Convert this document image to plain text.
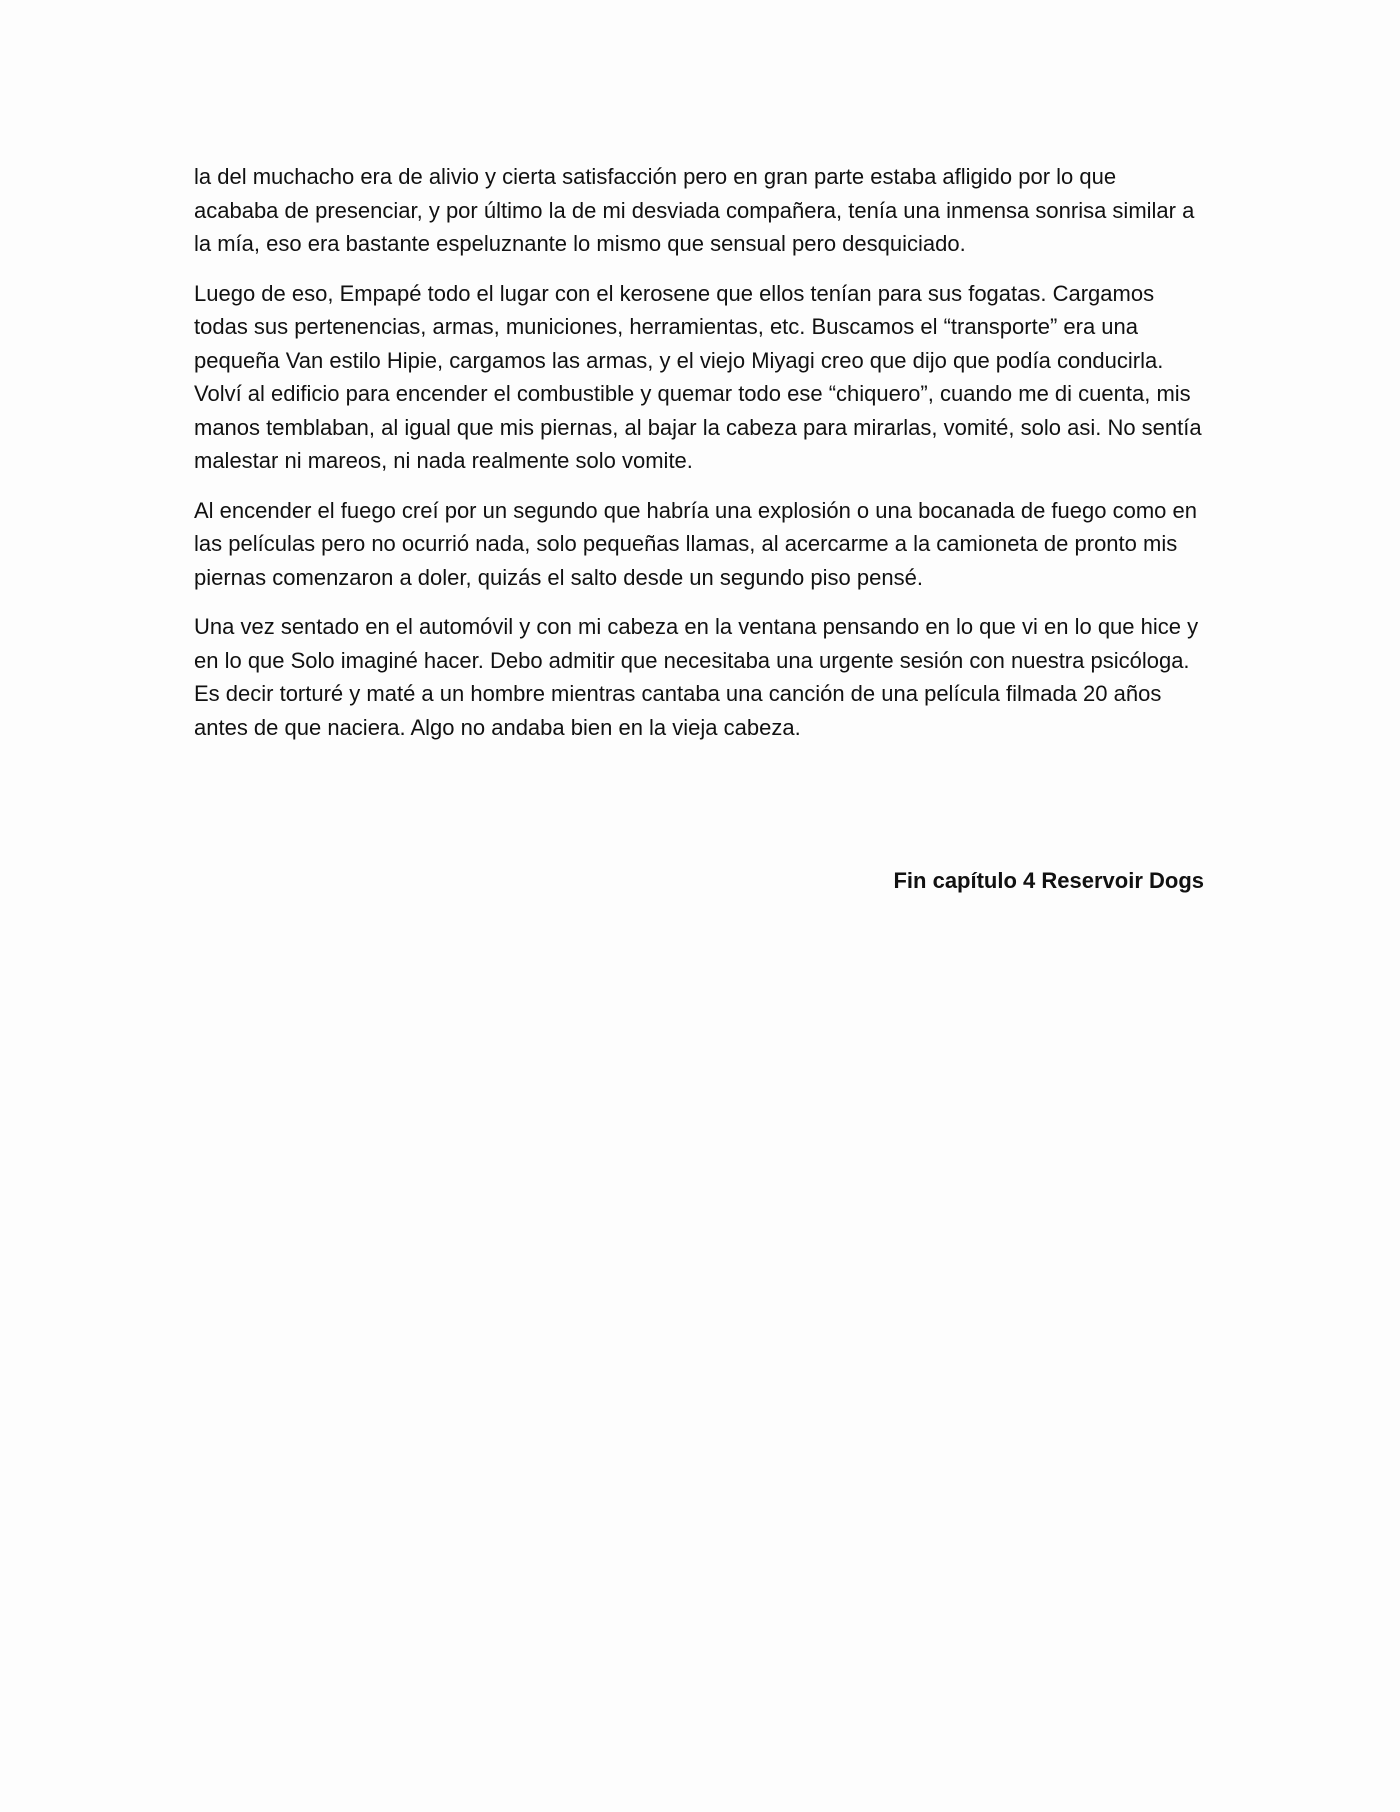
la del muchacho era de alivio y cierta satisfacción pero en gran parte estaba afligido por lo que acababa de presenciar, y por último la de mi desviada compañera, tenía una inmensa sonrisa similar a la mía, eso era bastante espeluznante lo mismo que sensual pero desquiciado.

Luego de eso, Empapé todo el lugar con el kerosene que ellos tenían para sus fogatas. Cargamos todas sus pertenencias, armas, municiones, herramientas, etc. Buscamos el “transporte” era una pequeña Van estilo Hipie, cargamos las armas, y el viejo Miyagi creo que dijo que podía conducirla. Volví al edificio para encender el combustible y quemar todo ese “chiquero”, cuando me di cuenta, mis manos temblaban, al igual que mis piernas, al bajar la cabeza para mirarlas, vomité, solo asi. No sentía malestar ni mareos, ni nada realmente solo vomite.

Al encender el fuego creí por un segundo que habría una explosión o una bocanada de fuego como en las películas pero no ocurrió nada, solo pequeñas llamas, al acercarme a la camioneta de pronto mis piernas comenzaron a doler, quizás el salto desde un segundo piso pensé.

Una vez sentado en el automóvil y con mi cabeza en la ventana pensando en lo que vi en lo que hice y en lo que Solo imaginé hacer. Debo admitir que necesitaba una urgente sesión con nuestra psicóloga. Es decir torturé y maté a un hombre mientras cantaba una canción de una película filmada 20 años antes de que naciera. Algo no andaba bien en la vieja cabeza.

Fin capítulo 4 Reservoir Dogs
